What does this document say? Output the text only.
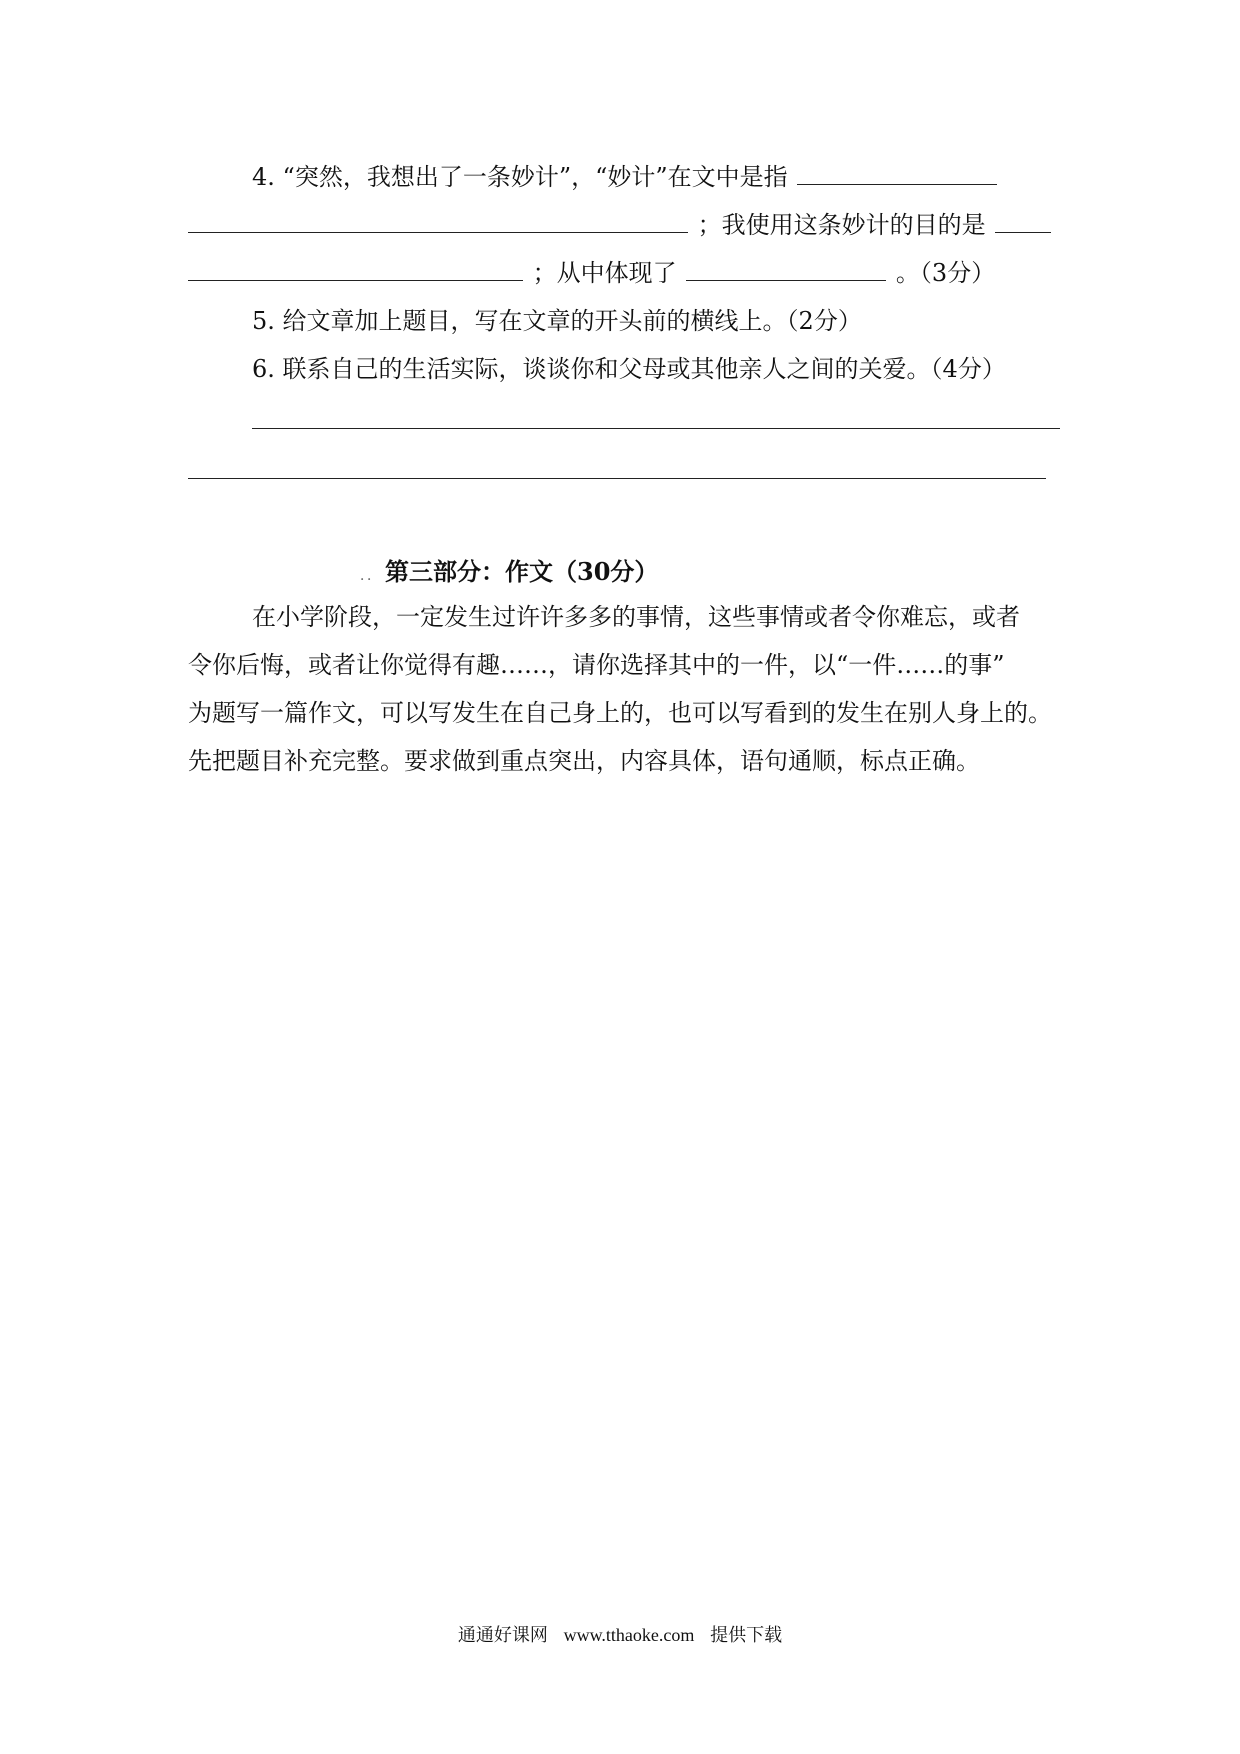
4. “突然，我想出了一条妙计”，“妙计”在文中是指
；我使用这条妙计的目的是
；从中体现了	。（3分）
5. 给文章加上题目，写在文章的开头前的横线上。（2分）
6. 联系自己的生活实际，谈谈你和父母或其他亲人之间的关爱。（4分）
．． 第三部分：作文（30分）
在小学阶段，一定发生过许许多多的事情，这些事情或者令你难忘，或者
令你后悔，或者让你觉得有趣……，请你选择其中的一件，以“一件……的事”
为题写一篇作文，可以写发生在自己身上的，也可以写看到的发生在别人身上的。
先把题目补充完整。要求做到重点突出，内容具体，语句通顺，标点正确。
通通好课网 www.tthaoke.com 提供下载
